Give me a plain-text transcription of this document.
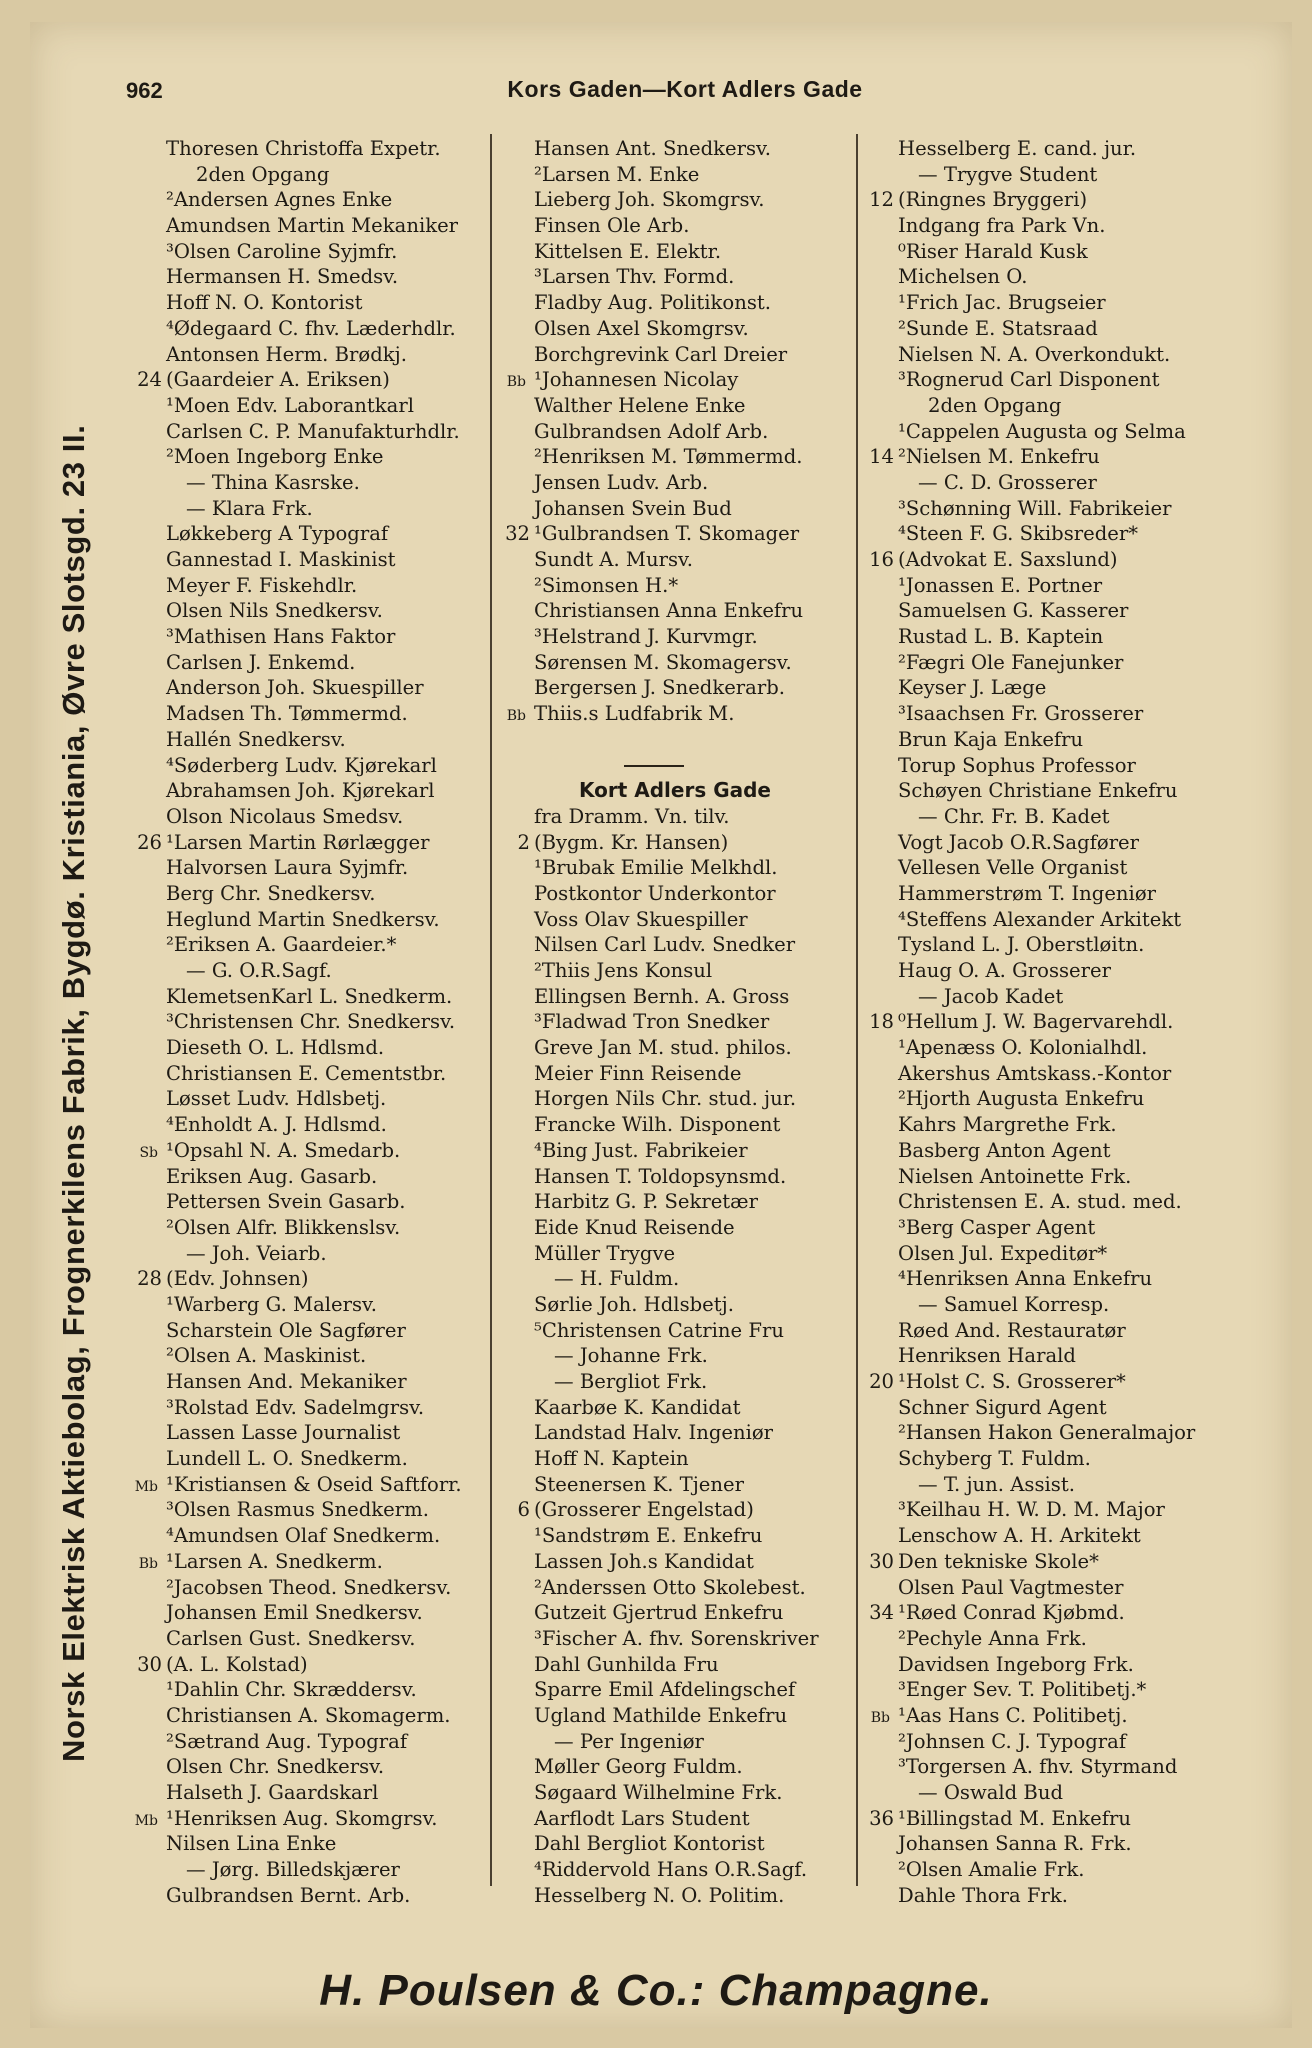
962	Kors Gaden—Kort Adlers Gade
Norsk Elektrisk Aktiebolag, Frognerkilens Fabrik, Bygdø. Kristiania, Øvre Slotsgd. 23 II.
Thoresen Christoffa Expetr.
2den Opgang
²Andersen Agnes Enke
Amundsen Martin Mekaniker
³Olsen Caroline Syjmfr.
Hermansen H. Smedsv.
Hoff N. O. Kontorist
⁴Ødegaard C. fhv. Læderhdlr.
Antonsen Herm. Brødkj.
24 (Gaardeier A. Eriksen)
¹Moen Edv. Laborantkarl
Carlsen C. P. Manufakturhdlr.
²Moen Ingeborg Enke
— Thina Kasrske.
— Klara Frk.
Løkkeberg A Typograf
Gannestad I. Maskinist
Meyer F. Fiskehdlr.
Olsen Nils Snedkersv.
³Mathisen Hans Faktor
Carlsen J. Enkemd.
Anderson Joh. Skuespiller
Madsen Th. Tømmermd.
Hallén Snedkersv.
⁴Søderberg Ludv. Kjørekarl
Abrahamsen Joh. Kjørekarl
Olson Nicolaus Smedsv.
26 ¹Larsen Martin Rørlægger
Halvorsen Laura Syjmfr.
Berg Chr. Snedkersv.
Heglund Martin Snedkersv.
²Eriksen A. Gaardeier.*
— G. O.R.Sagf.
KlemetsenKarl L. Snedkerm.
³Christensen Chr. Snedkersv.
Dieseth O. L. Hdlsmd.
Christiansen E. Cementstbr.
Løsset Ludv. Hdlsbetj.
⁴Enholdt A. J. Hdlsmd.
Sb ¹Opsahl N. A. Smedarb.
Eriksen Aug. Gasarb.
Pettersen Svein Gasarb.
²Olsen Alfr. Blikkenslsv.
— Joh. Veiarb.
28 (Edv. Johnsen)
¹Warberg G. Malersv.
Scharstein Ole Sagfører
²Olsen A. Maskinist.
Hansen And. Mekaniker
³Rolstad Edv. Sadelmgrsv.
Lassen Lasse Journalist
Lundell L. O. Snedkerm.
Mb ¹Kristiansen & Oseid Saftforr.
³Olsen Rasmus Snedkerm.
⁴Amundsen Olaf Snedkerm.
Bb ¹Larsen A. Snedkerm.
²Jacobsen Theod. Snedkersv.
Johansen Emil Snedkersv.
Carlsen Gust. Snedkersv.
30 (A. L. Kolstad)
¹Dahlin Chr. Skræddersv.
Christiansen A. Skomagerm.
²Sætrand Aug. Typograf
Olsen Chr. Snedkersv.
Halseth J. Gaardskarl
Mb ¹Henriksen Aug. Skomgrsv.
Nilsen Lina Enke
— Jørg. Billedskjærer
Gulbrandsen Bernt. Arb.
Hansen Ant. Snedkersv.
²Larsen M. Enke
Lieberg Joh. Skomgrsv.
Finsen Ole Arb.
Kittelsen E. Elektr.
³Larsen Thv. Formd.
Fladby Aug. Politikonst.
Olsen Axel Skomgrsv.
Borchgrevink Carl Dreier
Bb ¹Johannesen Nicolay
Walther Helene Enke
Gulbrandsen Adolf Arb.
²Henriksen M. Tømmermd.
Jensen Ludv. Arb.
Johansen Svein Bud
32 ¹Gulbrandsen T. Skomager
Sundt A. Mursv.
²Simonsen H.*
Christiansen Anna Enkefru
³Helstrand J. Kurvmgr.
Sørensen M. Skomagersv.
Bergersen J. Snedkerarb.
Bb Thiis.s Ludfabrik M.
Kort Adlers Gade
fra Dramm. Vn. tilv.
2 (Bygm. Kr. Hansen)
¹Brubak Emilie Melkhdl.
Postkontor Underkontor
Voss Olav Skuespiller
Nilsen Carl Ludv. Snedker
²Thiis Jens Konsul
Ellingsen Bernh. A. Gross
³Fladwad Tron Snedker
Greve Jan M. stud. philos.
Meier Finn Reisende
Horgen Nils Chr. stud. jur.
Francke Wilh. Disponent
⁴Bing Just. Fabrikeier
Hansen T. Toldopsynsmd.
Harbitz G. P. Sekretær
Eide Knud Reisende
Müller Trygve
— H. Fuldm.
Sørlie Joh. Hdlsbetj.
⁵Christensen Catrine Fru
— Johanne Frk.
— Bergliot Frk.
Kaarbøe K. Kandidat
Landstad Halv. Ingeniør
Hoff N. Kaptein
Steenersen K. Tjener
6 (Grosserer Engelstad)
¹Sandstrøm E. Enkefru
Lassen Joh.s Kandidat
²Anderssen Otto Skolebest.
Gutzeit Gjertrud Enkefru
³Fischer A. fhv. Sorenskriver
Dahl Gunhilda Fru
Sparre Emil Afdelingschef
Ugland Mathilde Enkefru
— Per Ingeniør
Møller Georg Fuldm.
Søgaard Wilhelmine Frk.
Aarflodt Lars Student
Dahl Bergliot Kontorist
⁴Riddervold Hans O.R.Sagf.
Hesselberg N. O. Politim.
Hesselberg E. cand. jur.
— Trygve Student
12 (Ringnes Bryggeri)
Indgang fra Park Vn.
⁰Riser Harald Kusk
Michelsen O.
¹Frich Jac. Brugseier
²Sunde E. Statsraad
Nielsen N. A. Overkondukt.
³Rognerud Carl Disponent
2den Opgang
¹Cappelen Augusta og Selma
14 ²Nielsen M. Enkefru
— C. D. Grosserer
³Schønning Will. Fabrikeier
⁴Steen F. G. Skibsreder*
16 (Advokat E. Saxslund)
¹Jonassen E. Portner
Samuelsen G. Kasserer
Rustad L. B. Kaptein
²Fægri Ole Fanejunker
Keyser J. Læge
³Isaachsen Fr. Grosserer
Brun Kaja Enkefru
Torup Sophus Professor
Schøyen Christiane Enkefru
— Chr. Fr. B. Kadet
Vogt Jacob O.R.Sagfører
Vellesen Velle Organist
Hammerstrøm T. Ingeniør
⁴Steffens Alexander Arkitekt
Tysland L. J. Oberstløitn.
Haug O. A. Grosserer
— Jacob Kadet
18 ⁰Hellum J. W. Bagervarehdl.
¹Apenæss O. Kolonialhdl.
Akershus Amtskass.-Kontor
²Hjorth Augusta Enkefru
Kahrs Margrethe Frk.
Basberg Anton Agent
Nielsen Antoinette Frk.
Christensen E. A. stud. med.
³Berg Casper Agent
Olsen Jul. Expeditør*
⁴Henriksen Anna Enkefru
— Samuel Korresp.
Røed And. Restauratør
Henriksen Harald
20 ¹Holst C. S. Grosserer*
Schner Sigurd Agent
²Hansen Hakon Generalmajor
Schyberg T. Fuldm.
— T. jun. Assist.
³Keilhau H. W. D. M. Major
Lenschow A. H. Arkitekt
30 Den tekniske Skole*
Olsen Paul Vagtmester
34 ¹Røed Conrad Kjøbmd.
²Pechyle Anna Frk.
Davidsen Ingeborg Frk.
³Enger Sev. T. Politibetj.*
Bb ¹Aas Hans C. Politibetj.
²Johnsen C. J. Typograf
³Torgersen A. fhv. Styrmand
— Oswald Bud
36 ¹Billingstad M. Enkefru
Johansen Sanna R. Frk.
²Olsen Amalie Frk.
Dahle Thora Frk.
H. Poulsen & Co.: Champagne.
